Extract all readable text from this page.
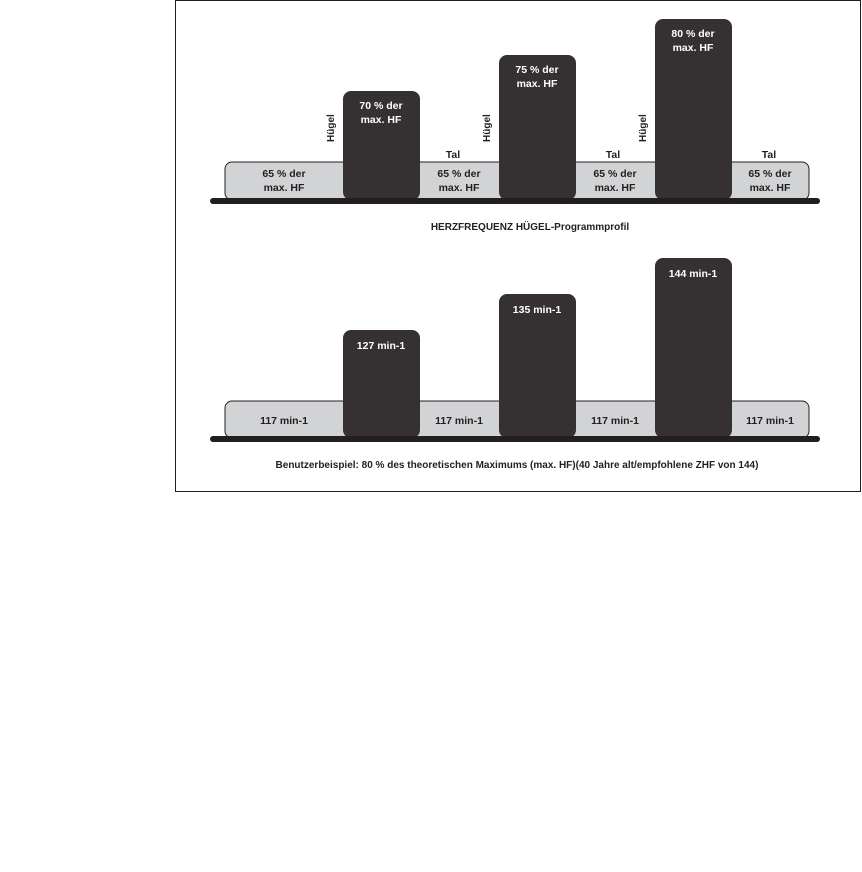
65 % der
max. HF
65 % der
max. HF
65 % der
max. HF
65 % der
max. HF
70 % der
max. HF
75 % der
max. HF
80 % der
max. HF
Hügel	Hügel	Hügel
Tal	Tal	Tal
HERZFREQUENZ HÜGEL-Programmprofil
117 min-1	117 min-1	117 min-1	117 min-1
127 min-1
135 min-1
144 min-1
Benutzerbeispiel: 80 % des theoretischen Maximums (max. HF)(40 Jahre alt/empfohlene ZHF von 144)
